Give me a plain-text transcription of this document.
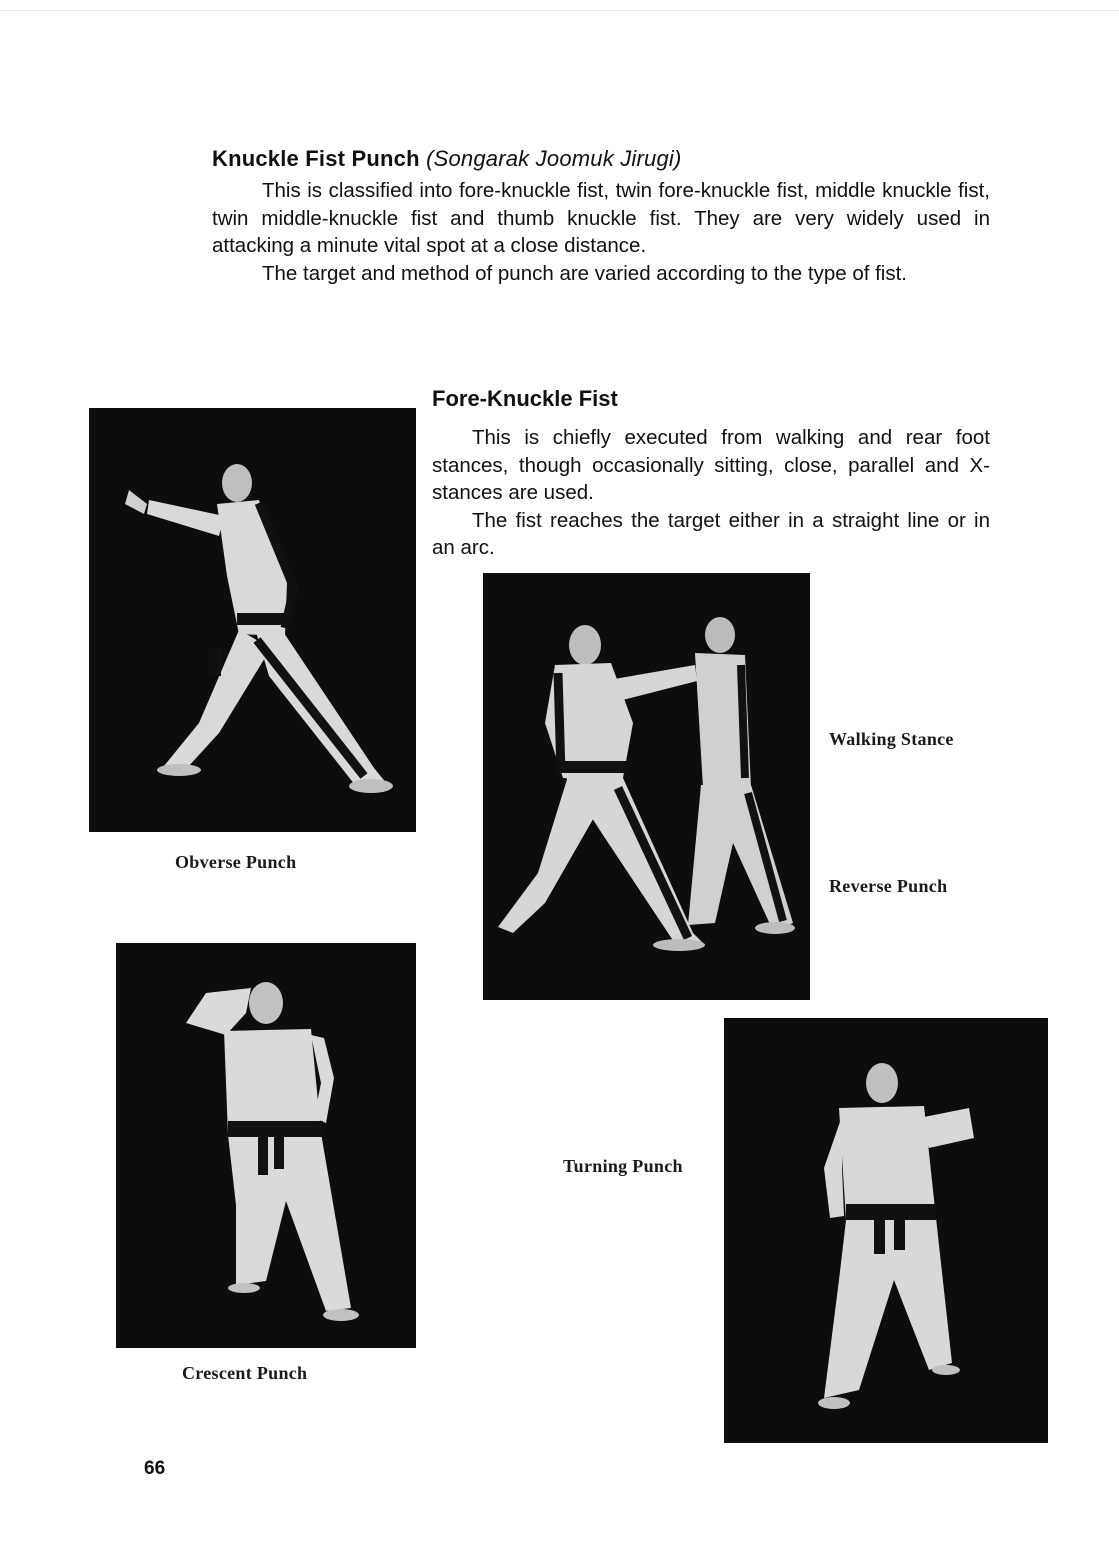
Knuckle Fist Punch (Songarak Joomuk Jirugi)

This is classified into fore-knuckle fist, twin fore-knuckle fist, middle knuckle fist, twin middle-knuckle fist and thumb knuckle fist. They are very widely used in attacking a minute vital spot at a close distance.

The target and method of punch are varied according to the type of fist.

Fore-Knuckle Fist

This is chiefly executed from walking and rear foot stances, though occasionally sitting, close, parallel and X-stances are used.

The fist reaches the target either in a straight line or in an arc.

Obverse Punch
Walking Stance
Reverse Punch
Crescent Punch
Turning Punch
66
